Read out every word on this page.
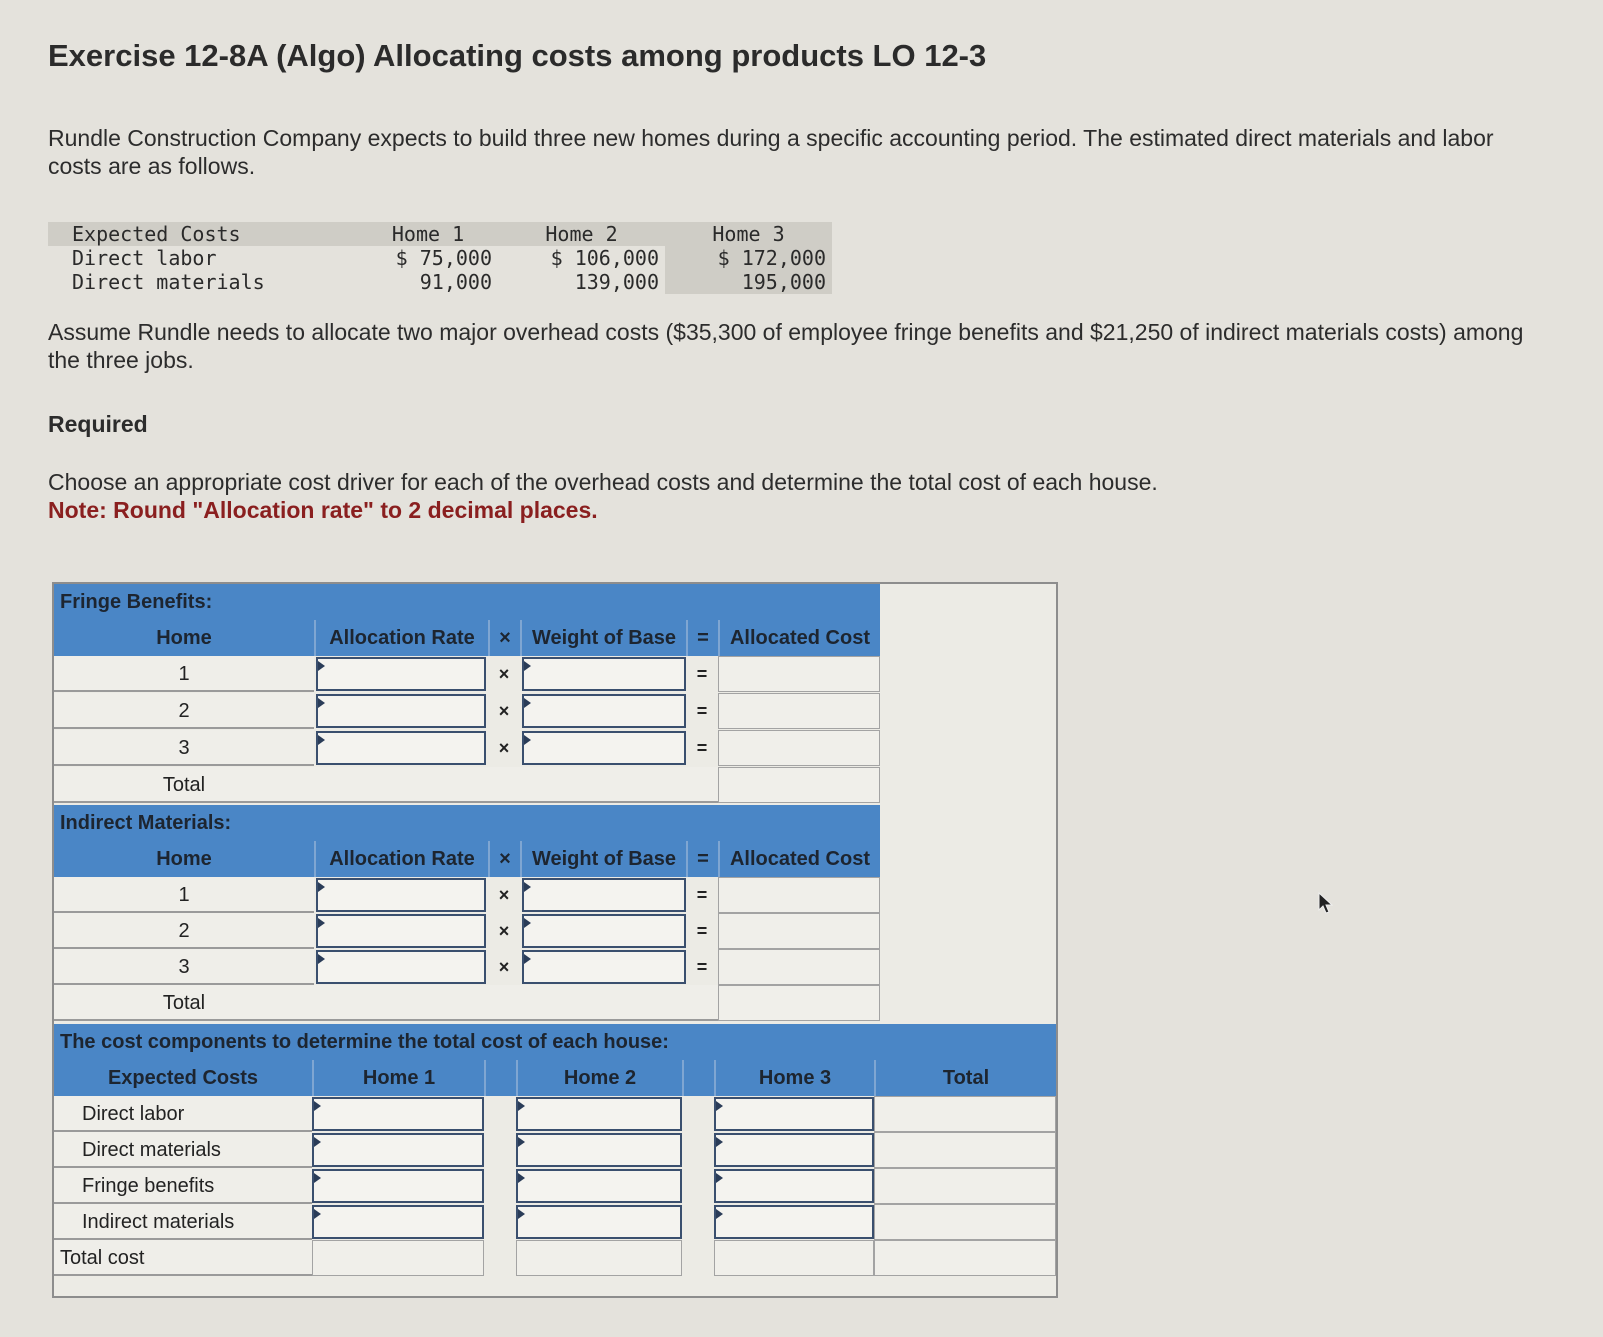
Exercise 12-8A (Algo) Allocating costs among products LO 12-3
Rundle Construction Company expects to build three new homes during a specific accounting period. The estimated direct materials and labor costs are as follows.
Expected Costs	Home 1	Home 2	Home 3
Direct labor	$ 75,000	$ 106,000	$ 172,000
Direct materials	91,000	139,000	195,000
Assume Rundle needs to allocate two major overhead costs ($35,300 of employee fringe benefits and $21,250 of indirect materials costs) among the three jobs.
Required
Choose an appropriate cost driver for each of the overhead costs and determine the total cost of each house.
Note: Round "Allocation rate" to 2 decimal places.
Fringe Benefits:
Home	Allocation Rate	×	Weight of Base	=	Allocated Cost
1	×	=
2	×	=
3	×	=
Total
Indirect Materials:
Home	Allocation Rate	×	Weight of Base	=	Allocated Cost
1	×	=
2	×	=
3	×	=
Total
The cost components to determine the total cost of each house:
Expected Costs	Home 1	Home 2	Home 3	Total
Direct labor
Direct materials
Fringe benefits
Indirect materials
Total cost
